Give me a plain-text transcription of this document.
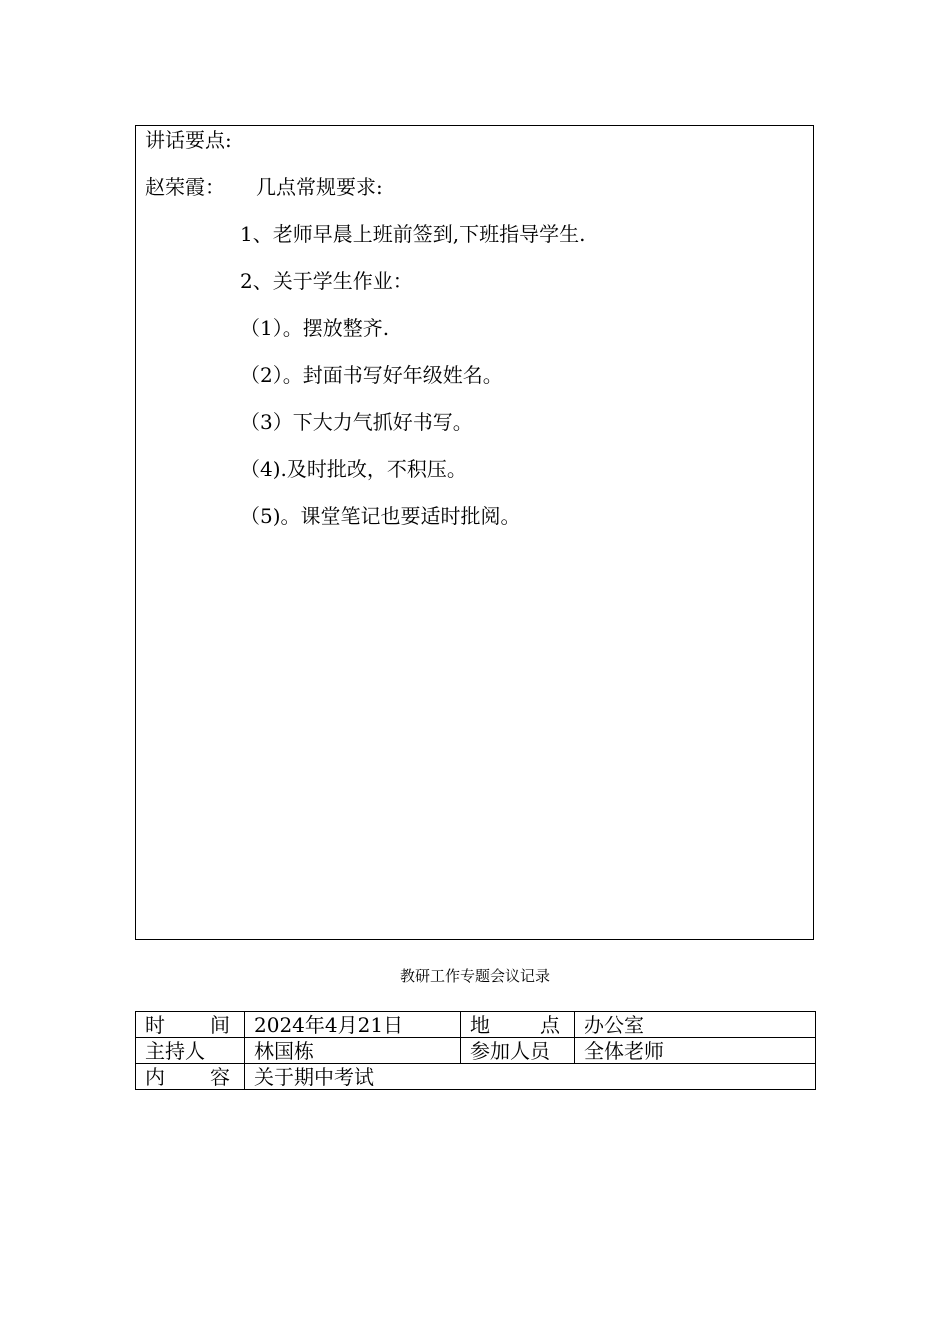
讲话要点:
赵荣霞： 几点常规要求:
1、老师早晨上班前签到,下班指导学生.
2、关于学生作业：
（1）。摆放整齐.
（2）。封面书写好年级姓名。
（3）下大力气抓好书写。
（4).及时批改，不积压。
（5)。课堂笔记也要适时批阅。
教研工作专题会议记录
时 间	2024年4月21日	地 点	办公室
主持人	林国栋	参加人员	全体老师

内 容	关于期中考试		
